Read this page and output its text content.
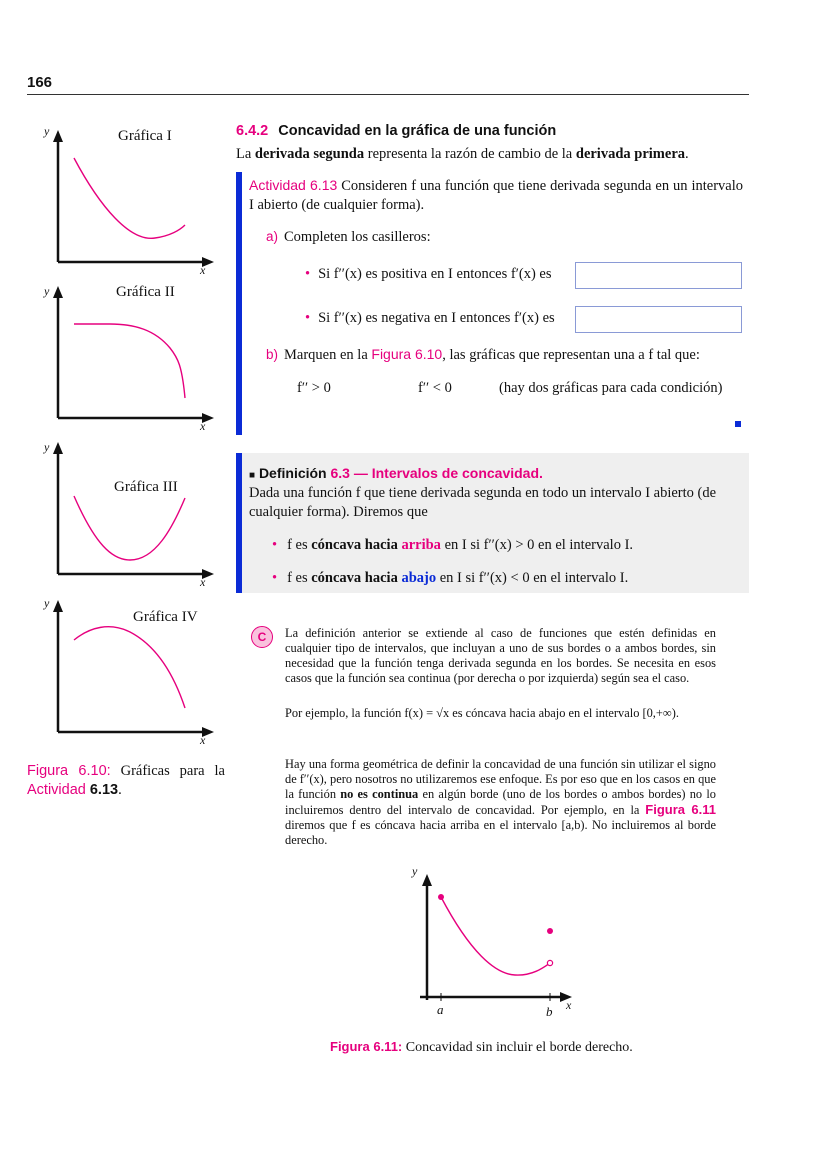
166
Gráfica I
y
x
Gráfica II
y
x
Gráfica III
y
x
Gráfica IV
y
x
Figura 6.10: Gráficas para la Actividad 6.13.
6.4.2 Concavidad en la gráfica de una función
La derivada segunda representa la razón de cambio de la derivada primera.
Actividad 6.13 Consideren f una función que tiene derivada segunda en un intervalo I abierto (de cualquier forma).
a) Completen los casilleros:
• Si f′′(x) es positiva en I entonces f′(x) es
• Si f′′(x) es negativa en I entonces f′(x) es
b) Marquen en la Figura 6.10, las gráficas que representan una a f tal que:
f′′ > 0	f′′ < 0	(hay dos gráficas para cada condición)
■ Definición 6.3 — Intervalos de concavidad.
Dada una función f que tiene derivada segunda en todo un intervalo I abierto (de cualquier forma). Diremos que
• f es cóncava hacia arriba en I si f′′(x) > 0 en el intervalo I.
• f es cóncava hacia abajo en I si f′′(x) < 0 en el intervalo I.
C	La definición anterior se extiende al caso de funciones que estén definidas en cualquier tipo de intervalos, que incluyan a uno de sus bordes o a ambos bordes, sin necesidad que la función tenga derivada segunda en los bordes. Se necesita en esos casos que la función sea continua (por derecha o por izquierda) según sea el caso.
Por ejemplo, la función f(x) = √x es cóncava hacia abajo en el intervalo [0,+∞).
Hay una forma geométrica de definir la concavidad de una función sin utilizar el signo de f′′(x), pero nosotros no utilizaremos ese enfoque. Es por eso que en los casos en que la función no es continua en algún borde (uno de los bordes o ambos bordes) no lo incluiremos dentro del intervalo de concavidad. Por ejemplo, en la Figura 6.11 diremos que f es cóncava hacia arriba en el intervalo [a,b). No incluiremos al borde derecho.
y
x
a	b
Figura 6.11: Concavidad sin incluir el borde derecho.
